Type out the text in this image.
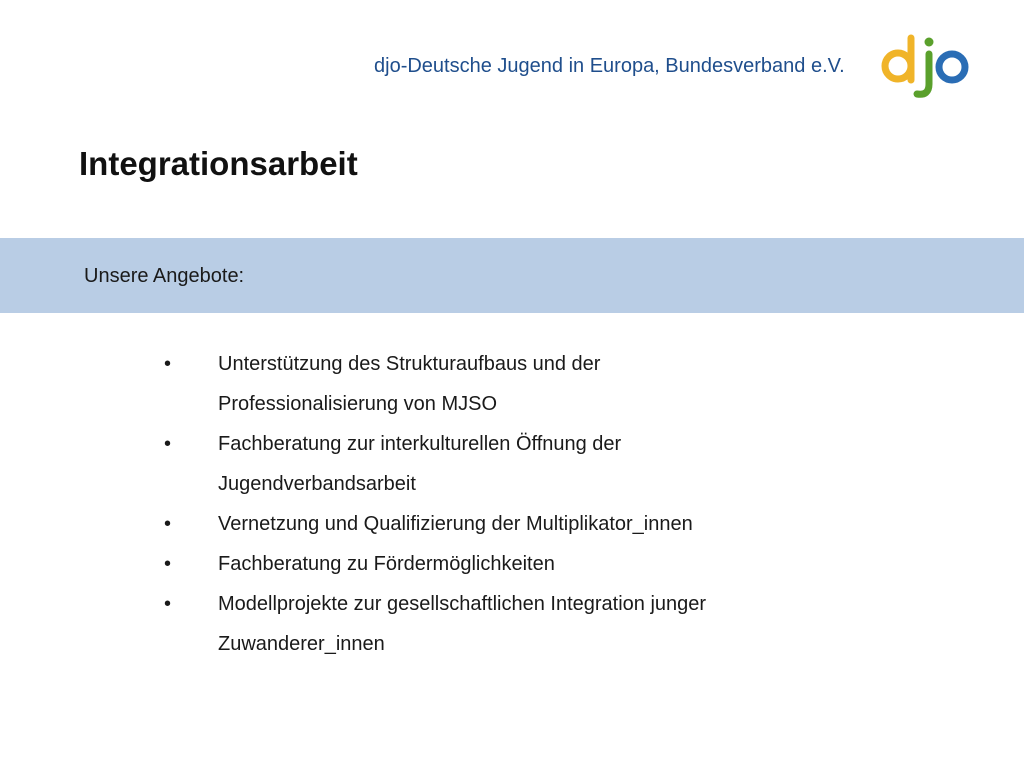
djo-Deutsche Jugend in Europa, Bundesverband e.V.
Integrationsarbeit
Unsere Angebote:
•	Unterstützung des Strukturaufbaus und der
Professionalisierung von MJSO
•	Fachberatung zur interkulturellen Öffnung der
Jugendverbandsarbeit
•	Vernetzung und Qualifizierung der Multiplikator_innen
•	Fachberatung zu Fördermöglichkeiten
•	Modellprojekte zur gesellschaftlichen Integration junger
Zuwanderer_innen
